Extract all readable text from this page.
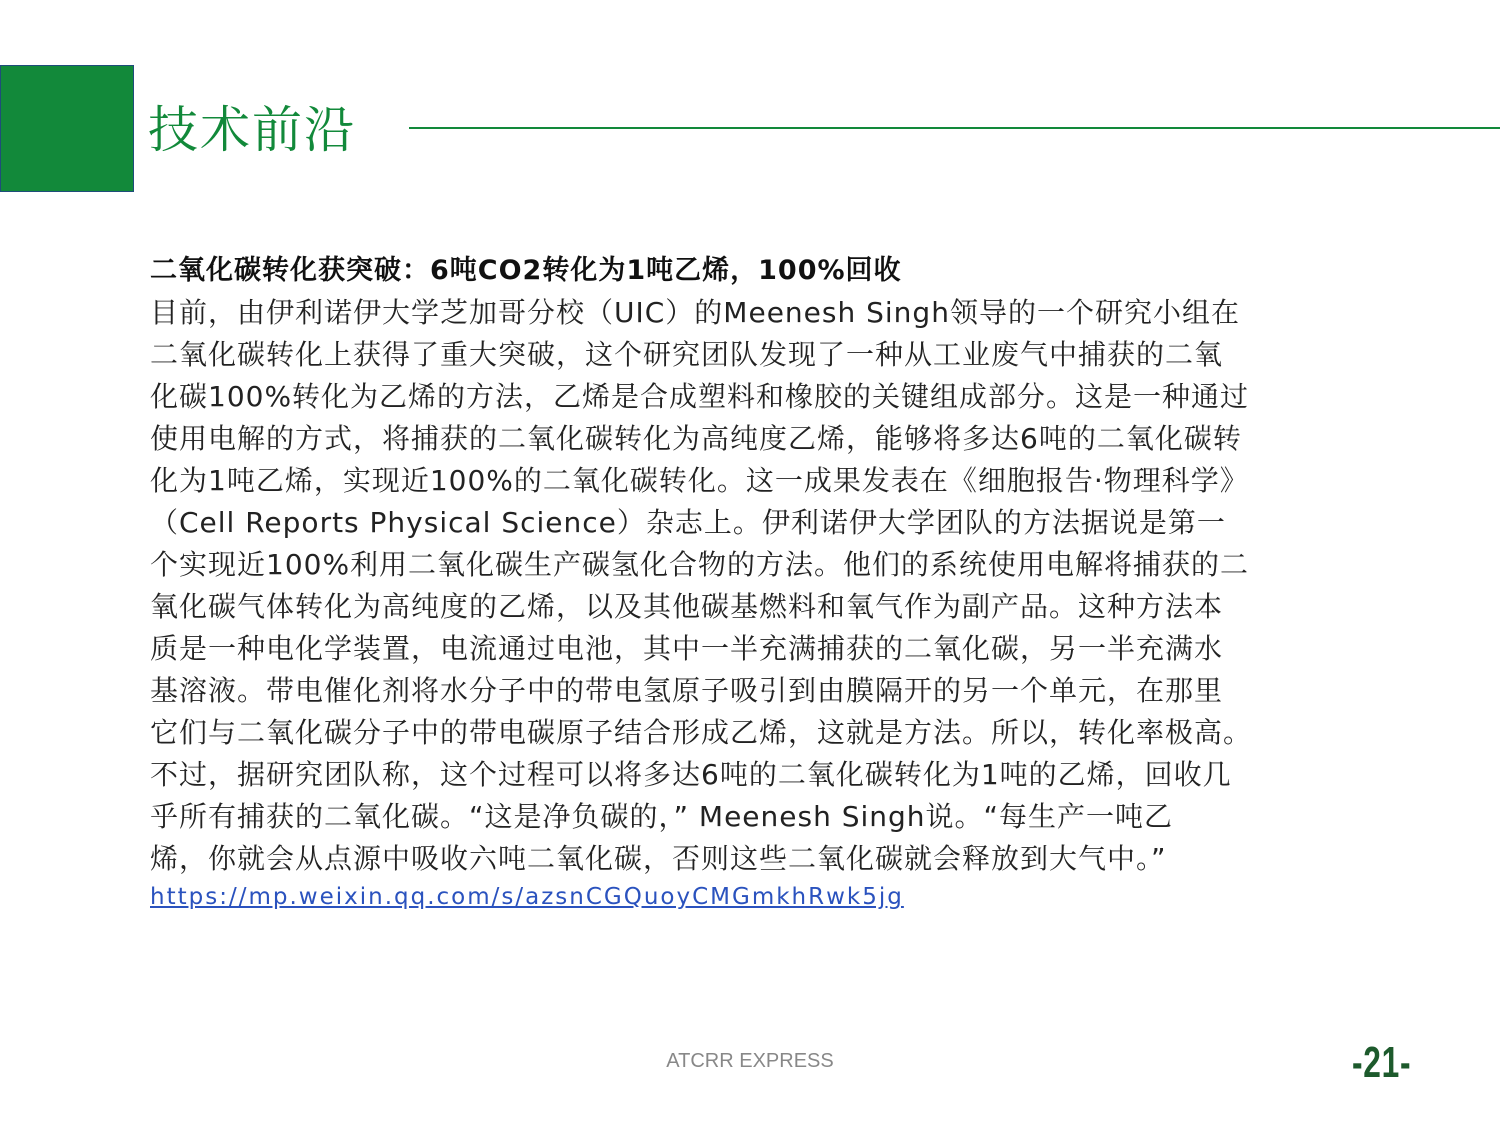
技术前沿
二氧化碳转化获突破：6吨CO2转化为1吨乙烯，100%回收

目前，由伊利诺伊大学芝加哥分校（UIC）的Meenesh Singh领导的一个研究小组在
二氧化碳转化上获得了重大突破，这个研究团队发现了一种从工业废气中捕获的二氧
化碳100%转化为乙烯的方法，乙烯是合成塑料和橡胶的关键组成部分。这是一种通过
使用电解的方式，将捕获的二氧化碳转化为高纯度乙烯，能够将多达6吨的二氧化碳转
化为1吨乙烯，实现近100%的二氧化碳转化。这一成果发表在《细胞报告·物理科学》
（Cell Reports Physical Science）杂志上。伊利诺伊大学团队的方法据说是第一
个实现近100%利用二氧化碳生产碳氢化合物的方法。他们的系统使用电解将捕获的二
氧化碳气体转化为高纯度的乙烯，以及其他碳基燃料和氧气作为副产品。这种方法本
质是一种电化学装置，电流通过电池，其中一半充满捕获的二氧化碳，另一半充满水
基溶液。带电催化剂将水分子中的带电氢原子吸引到由膜隔开的另一个单元，在那里
它们与二氧化碳分子中的带电碳原子结合形成乙烯，这就是方法。所以，转化率极高。
不过，据研究团队称，这个过程可以将多达6吨的二氧化碳转化为1吨的乙烯，回收几
乎所有捕获的二氧化碳。“这是净负碳的，” Meenesh Singh说。“每生产一吨乙
烯，你就会从点源中吸收六吨二氧化碳，否则这些二氧化碳就会释放到大气中。”

https://mp.weixin.qq.com/s/azsnCGQuoyCMGmkhRwk5jg
ATCRR EXPRESS	-21-
